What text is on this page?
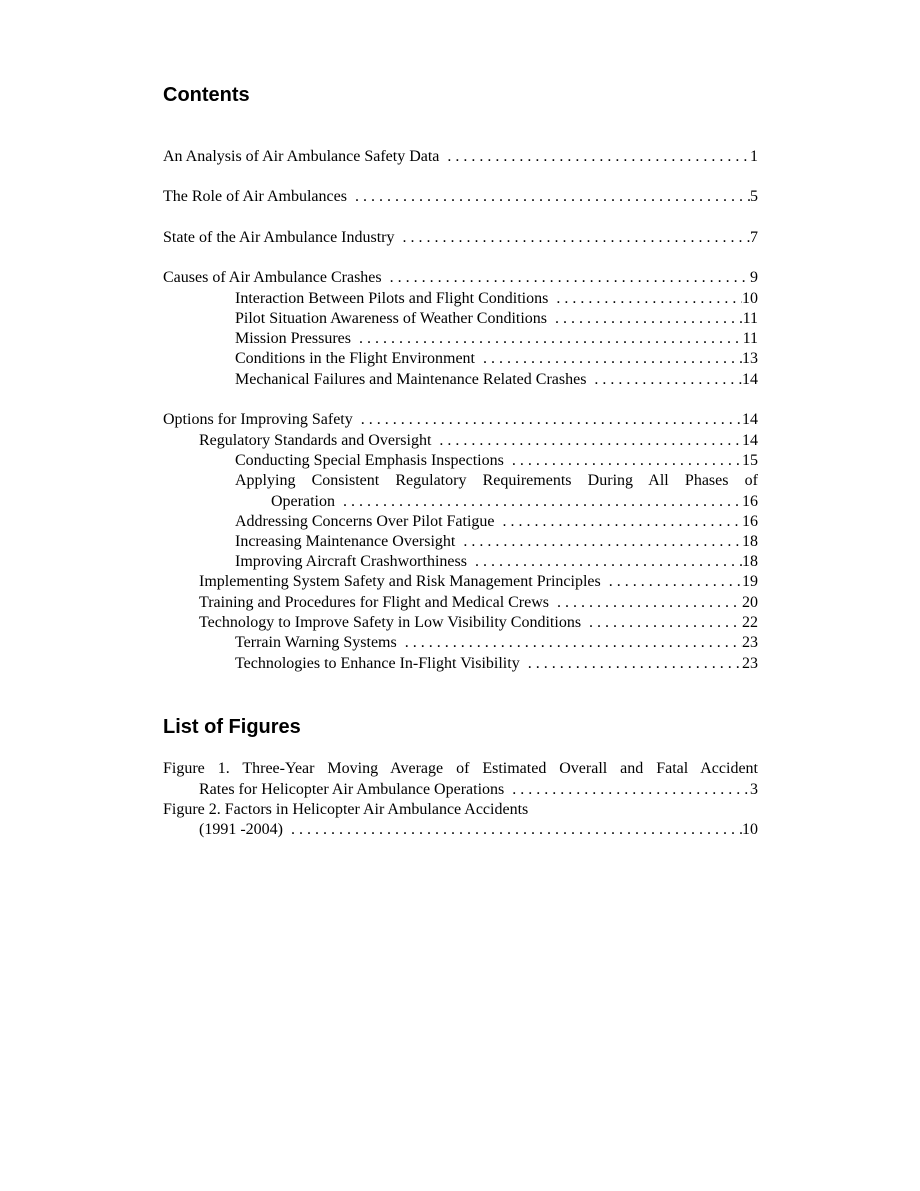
Contents
An Analysis of Air Ambulance Safety Data . . .	1
The Role of Air Ambulances . . .	5
State of the Air Ambulance Industry . . .	7
Causes of Air Ambulance Crashes . . .	9
Interaction Between Pilots and Flight Conditions . . .	10
Pilot Situation Awareness of Weather Conditions . . .	11
Mission Pressures . . .	11
Conditions in the Flight Environment . . .	13
Mechanical Failures and Maintenance Related Crashes . . .	14
Options for Improving Safety . . .	14
Regulatory Standards and Oversight . . .	14
Conducting Special Emphasis Inspections . . .	15
Applying Consistent Regulatory Requirements During All Phases of
Operation . . .	16
Addressing Concerns Over Pilot Fatigue . . .	16
Increasing Maintenance Oversight . . .	18
Improving Aircraft Crashworthiness . . .	18
Implementing System Safety and Risk Management Principles . . .	19
Training and Procedures for Flight and Medical Crews . . .	20
Technology to Improve Safety in Low Visibility Conditions . . .	22
Terrain Warning Systems . . .	23
Technologies to Enhance In-Flight Visibility . . .	23
List of Figures
Figure 1. Three-Year Moving Average of Estimated Overall and Fatal Accident
Rates for Helicopter Air Ambulance Operations . . .	3
Figure 2. Factors in Helicopter Air Ambulance Accidents
(1991 -2004) . . .	10
